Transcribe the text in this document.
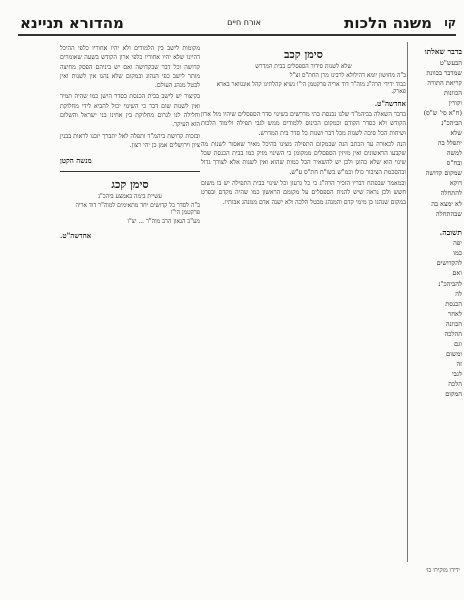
קו
משנה הלכות
אורח חיים
מהדורא תניינא
בדבר שאלתו
הבעש"ט
שמדבר בכוונת
קריאת התורה
הכוונות
וקורין
(ח"א סי' ש"ס)
הביהכ"נ
שלא
יתפלל בה
למשה
ובח"ס
שמקום קדושה
דוקא
להתחלה
לא ימצא בה
שבהתחלה
תשובה.
יפה
כמו
להקדושים
ואם
להביהכ"נ
לה
הכנסת
לאחר
הכוונה
ההלכה
וגם
ומשום
זה
לגבי
הלכה
המקום
סימן קכב
שלא לשנות סידור הספסלים בבית המדרש
ב"ה מחושון יומא דהילולא לרבינו מרן החת"ס זצ"ל
כבוד ידידי הרה"ג מוה"ר דוד אריה פרקטמן הי"ו נשיא קהלתינו קהל אונגוואר בארא פארק.
אחדשה"ט.

בדבר השאלה בביהמ"ד שלנו נכנסת בתי מדרשים בשינוי סדר הספסלים שיהיו מול ארון הקודש ולא כסדר הקודם וכמקום הכינוס ללמודים ממש לגבי תפילה ולימוד הלכות ושיחות הכל סיבה לשנות מכל דבר ושנות כל סדר בית המדרש.

הנה לכאורה עד הכתב הנה שבמקום התפילה מצינו בהיכל מאיר שאסור לשנות מה שקבעו הראשונים ואין מזיזין הספסלים ממקומן כי השינוי מזיק כמו בבית הכנסת שכל שינוי הוא שלא כהוגן ולכן יש להשאיר הכל כמות שהוא ואין לשנות אלא לצורך גדול ובהסכמת הציבור כולו וכמ"ש בשו"ת חת"ס ע"ש.

ובמאמר שבפתח דבריו הזכיר הרה"ג כי כל גרעון וכל שינוי בבית התפילה יש בו משום חשש ולכן נראה שיש להניח הספסלים על מקומם הראשון כמו שהיה מקדם ובפרט במקום שנהגו כן מימי קדם והמנהג מבטל הלכה ולא ישנה אדם ממנהג אבותיו.

מקומות לישב בין הלמודים ולא יהיו אחוריו כלפי ההיכל דהיינו שלא יהיו אחוריו כלפי ארון הקודש בשעה שאומרים קדושה וכל דבר שבקדושה ואם יש ביניהם הפסק מחיצה מותר לישב כפי הנהוג ובמקום שלא נהגו אין לשנות ואין לבטל מנהג העולם.

בקיצור יש לישב בבית הכנסת בסדר הישן כמו שהיה תמיד ואין לשנות שום דבר כי השינוי יכול להביא לידי מחלוקת וחלילה לנו לגרום מחלוקת בין אחינו בני ישראל והשלום הוא העיקר.

ובזכות קדושת ביהמ"ד ותפלה לאל יתברך יזכנו לראות בבנין ציון וירושלים אמן כן יהי רצון.

מנשה הקטן
סימן קכג
עשיית בימה באמצע ביהכ"נ
ב"ה לסדר כל קדושים יחד מתאימים למוה"ר דוד אריה פרקטמן הי"ו
מע"כ הגאון הרב מוה"ר ... יצ"ו
אחדשה"ט.
ידידו מוקירו כו׳
